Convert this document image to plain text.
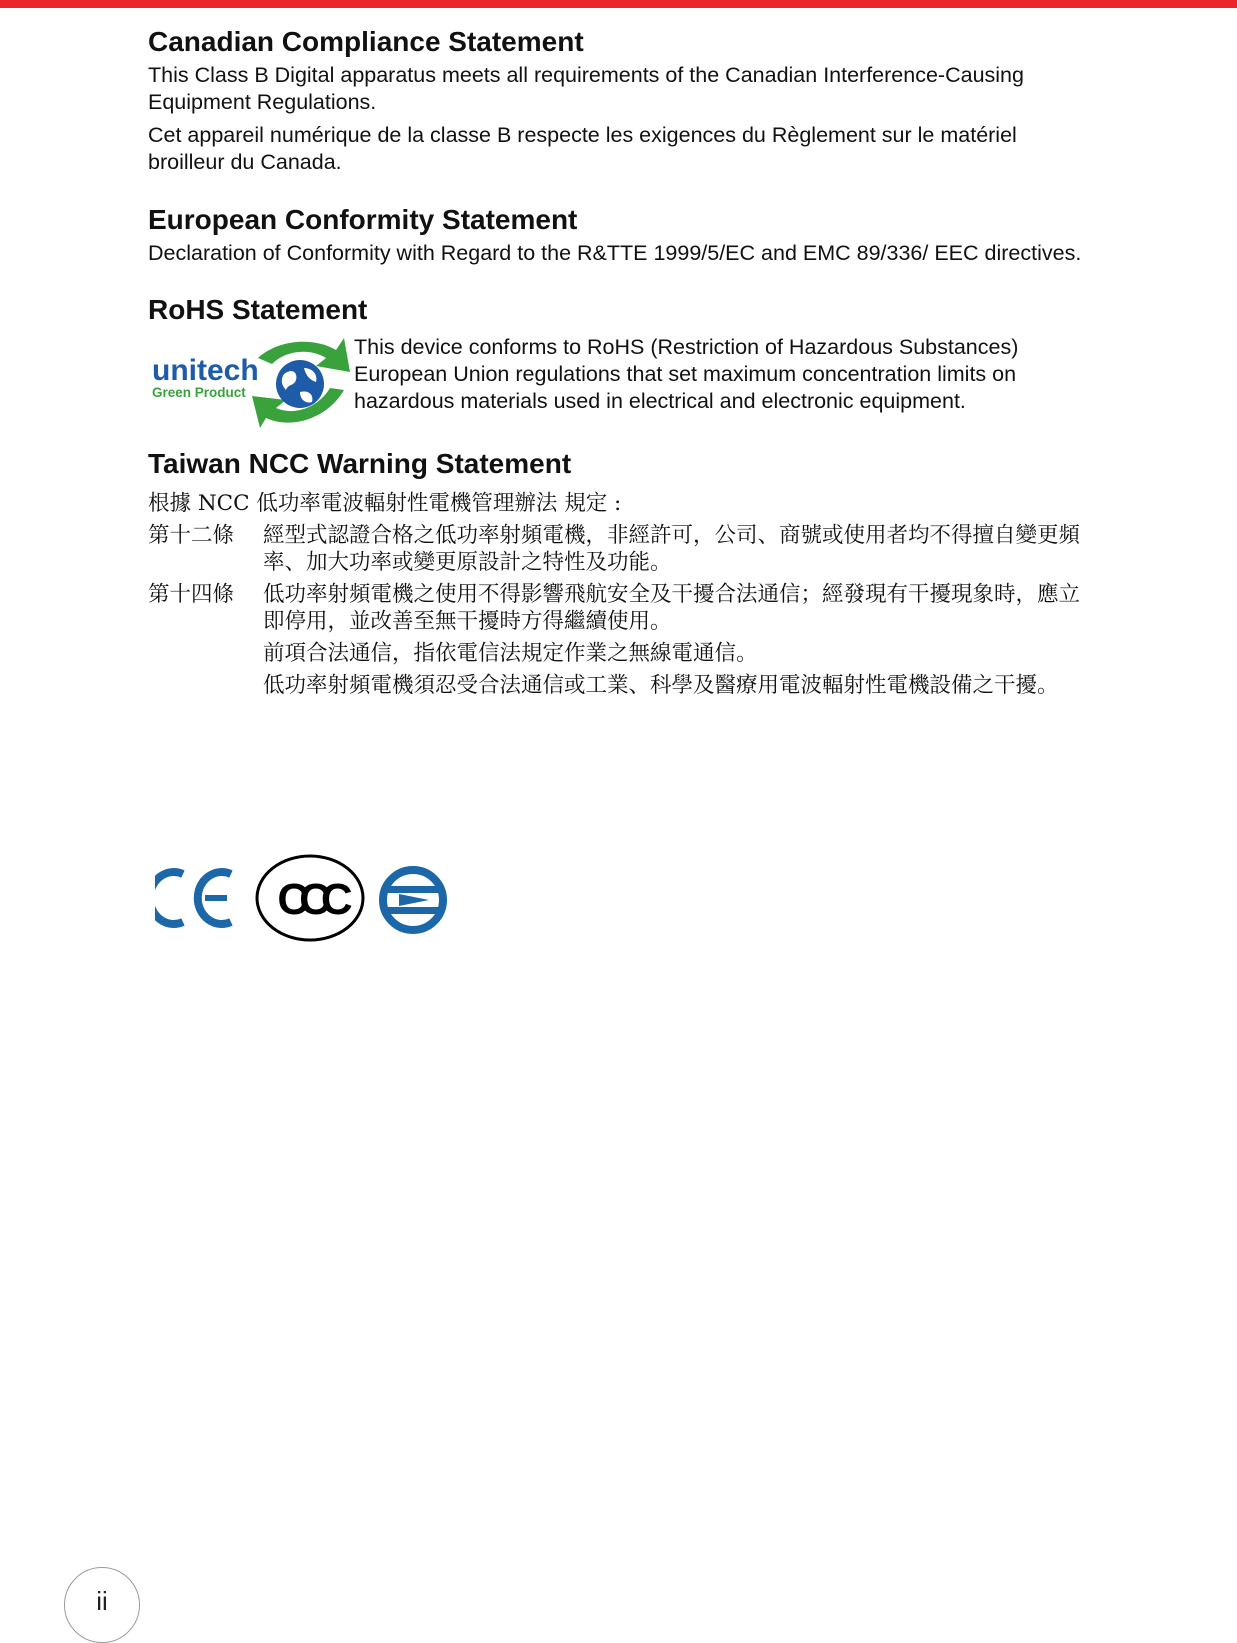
Canadian Compliance Statement

This Class B Digital apparatus meets all requirements of the Canadian Interference-Causing Equipment Regulations.

Cet appareil numérique de la classe B respecte les exigences du Règlement sur le matériel broilleur du Canada.

European Conformity Statement

Declaration of Conformity with Regard to the R&TTE 1999/5/EC and EMC 89/336/ EEC directives.

RoHS Statement
unitech
Green Product

This device conforms to RoHS (Restriction of Hazardous Substances) European Union regulations that set maximum concentration limits on hazardous materials used in electrical and electronic equipment.

Taiwan NCC Warning Statement
根據 NCC 低功率電波輻射性電機管理辦法 規定 :
第十二條	經型式認證合格之低功率射頻電機，非經許可，公司、商號或使用者均不得擅自變更頻率、加大功率或變更原設計之特性及功能。
第十四條	低功率射頻電機之使用不得影響飛航安全及干擾合法通信；經發現有干擾現象時，應立即停用，並改善至無干擾時方得繼續使用。
前項合法通信，指依電信法規定作業之無線電通信。
低功率射頻電機須忍受合法通信或工業、科學及醫療用電波輻射性電機設備之干擾。
CCC
ii
